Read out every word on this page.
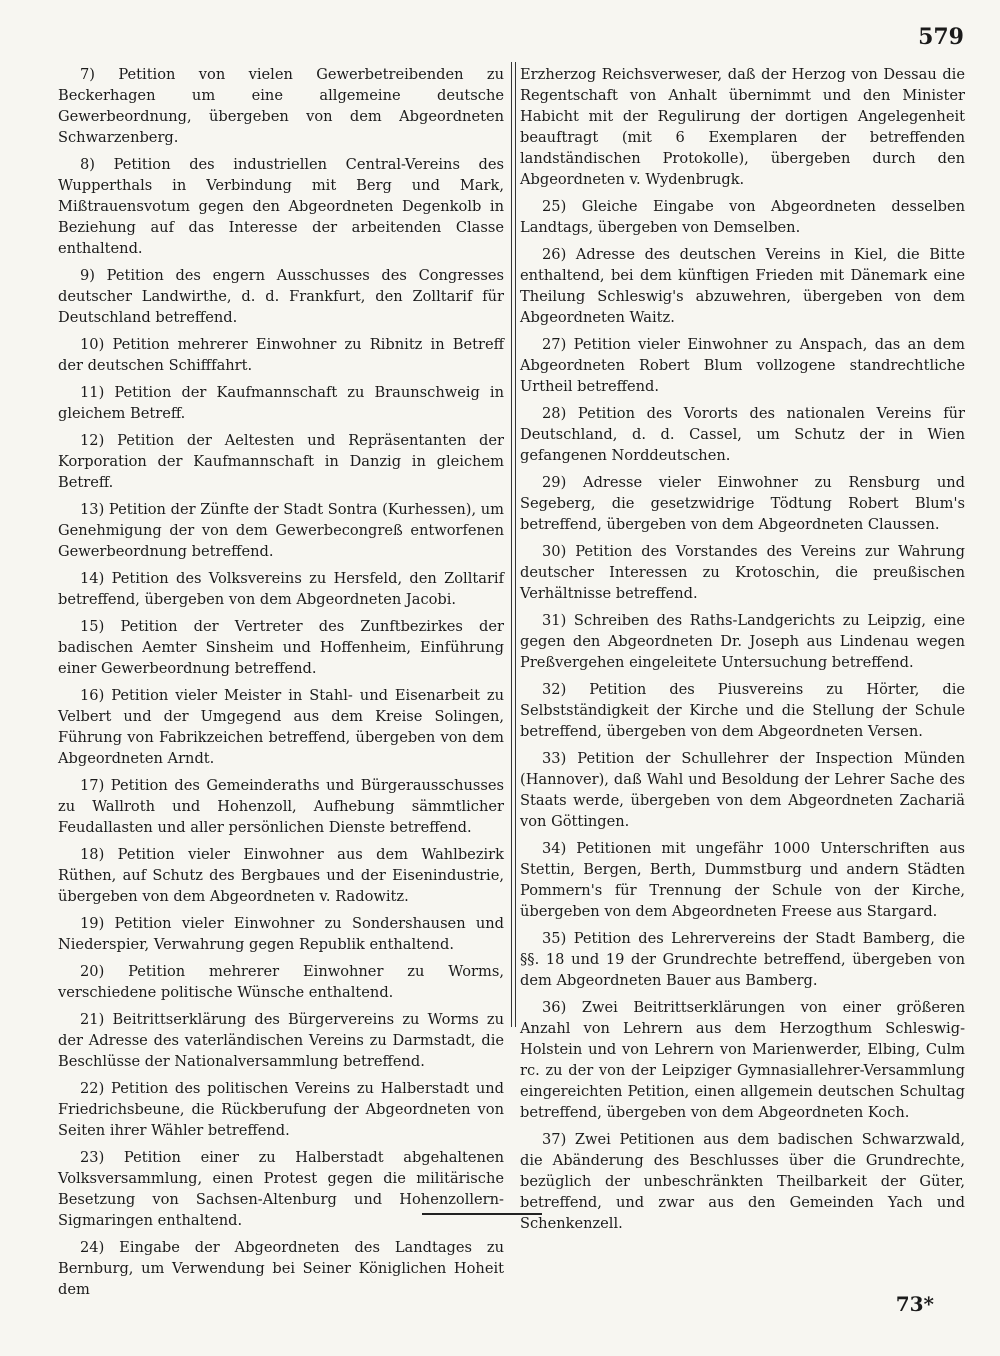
579

7) Petition von vielen Gewerbetreibenden zu Beckerhagen um eine allgemeine deutsche Gewerbeordnung, übergeben von dem Abgeordneten Schwarzenberg.

8) Petition des industriellen Central-Vereins des Wupperthals in Verbindung mit Berg und Mark, Mißtrauensvotum gegen den Abgeordneten Degenkolb in Beziehung auf das Interesse der arbeitenden Classe enthaltend.

9) Petition des engern Ausschusses des Congresses deutscher Landwirthe, d. d. Frankfurt, den Zolltarif für Deutschland betreffend.

10) Petition mehrerer Einwohner zu Ribnitz in Betreff der deutschen Schifffahrt.

11) Petition der Kaufmannschaft zu Braunschweig in gleichem Betreff.

12) Petition der Aeltesten und Repräsentanten der Korporation der Kaufmannschaft in Danzig in gleichem Betreff.

13) Petition der Zünfte der Stadt Sontra (Kurhessen), um Genehmigung der von dem Gewerbecongreß entworfenen Gewerbeordnung betreffend.

14) Petition des Volksvereins zu Hersfeld, den Zolltarif betreffend, übergeben von dem Abgeordneten Jacobi.

15) Petition der Vertreter des Zunftbezirkes der badischen Aemter Sinsheim und Hoffenheim, Einführung einer Gewerbeordnung betreffend.

16) Petition vieler Meister in Stahl- und Eisenarbeit zu Velbert und der Umgegend aus dem Kreise Solingen, Führung von Fabrikzeichen betreffend, übergeben von dem Abgeordneten Arndt.

17) Petition des Gemeinderaths und Bürgerausschusses zu Wallroth und Hohenzoll, Aufhebung sämmtlicher Feudallasten und aller persönlichen Dienste betreffend.

18) Petition vieler Einwohner aus dem Wahlbezirk Rüthen, auf Schutz des Bergbaues und der Eisenindustrie, übergeben von dem Abgeordneten v. Radowitz.

19) Petition vieler Einwohner zu Sondershausen und Niederspier, Verwahrung gegen Republik enthaltend.

20) Petition mehrerer Einwohner zu Worms, verschiedene politische Wünsche enthaltend.

21) Beitrittserklärung des Bürgervereins zu Worms zu der Adresse des vaterländischen Vereins zu Darmstadt, die Beschlüsse der Nationalversammlung betreffend.

22) Petition des politischen Vereins zu Halberstadt und Friedrichsbeune, die Rückberufung der Abgeordneten von Seiten ihrer Wähler betreffend.

23) Petition einer zu Halberstadt abgehaltenen Volksversammlung, einen Protest gegen die militärische Besetzung von Sachsen-Altenburg und Hohenzollern-Sigmaringen enthaltend.

24) Eingabe der Abgeordneten des Landtages zu Bernburg, um Verwendung bei Seiner Königlichen Hoheit dem

Erzherzog Reichsverweser, daß der Herzog von Dessau die Regentschaft von Anhalt übernimmt und den Minister Habicht mit der Regulirung der dortigen Angelegenheit beauftragt (mit 6 Exemplaren der betreffenden landständischen Protokolle), übergeben durch den Abgeordneten v. Wydenbrugk.

25) Gleiche Eingabe von Abgeordneten desselben Landtags, übergeben von Demselben.

26) Adresse des deutschen Vereins in Kiel, die Bitte enthaltend, bei dem künftigen Frieden mit Dänemark eine Theilung Schleswig's abzuwehren, übergeben von dem Abgeordneten Waitz.

27) Petition vieler Einwohner zu Anspach, das an dem Abgeordneten Robert Blum vollzogene standrechtliche Urtheil betreffend.

28) Petition des Vororts des nationalen Vereins für Deutschland, d. d. Cassel, um Schutz der in Wien gefangenen Norddeutschen.

29) Adresse vieler Einwohner zu Rensburg und Segeberg, die gesetzwidrige Tödtung Robert Blum's betreffend, übergeben von dem Abgeordneten Claussen.

30) Petition des Vorstandes des Vereins zur Wahrung deutscher Interessen zu Krotoschin, die preußischen Verhältnisse betreffend.

31) Schreiben des Raths-Landgerichts zu Leipzig, eine gegen den Abgeordneten Dr. Joseph aus Lindenau wegen Preßvergehen eingeleitete Untersuchung betreffend.

32) Petition des Piusvereins zu Hörter, die Selbstständigkeit der Kirche und die Stellung der Schule betreffend, übergeben von dem Abgeordneten Versen.

33) Petition der Schullehrer der Inspection Münden (Hannover), daß Wahl und Besoldung der Lehrer Sache des Staats werde, übergeben von dem Abgeordneten Zachariä von Göttingen.

34) Petitionen mit ungefähr 1000 Unterschriften aus Stettin, Bergen, Berth, Dummstburg und andern Städten Pommern's für Trennung der Schule von der Kirche, übergeben von dem Abgeordneten Freese aus Stargard.

35) Petition des Lehrervereins der Stadt Bamberg, die §§. 18 und 19 der Grundrechte betreffend, übergeben von dem Abgeordneten Bauer aus Bamberg.

36) Zwei Beitrittserklärungen von einer größeren Anzahl von Lehrern aus dem Herzogthum Schleswig-Holstein und von Lehrern von Marienwerder, Elbing, Culm rc. zu der von der Leipziger Gymnasiallehrer-Versammlung eingereichten Petition, einen allgemein deutschen Schultag betreffend, übergeben von dem Abgeordneten Koch.

37) Zwei Petitionen aus dem badischen Schwarzwald, die Abänderung des Beschlusses über die Grundrechte, bezüglich der unbeschränkten Theilbarkeit der Güter, betreffend, und zwar aus den Gemeinden Yach und Schenkenzell.

73*
